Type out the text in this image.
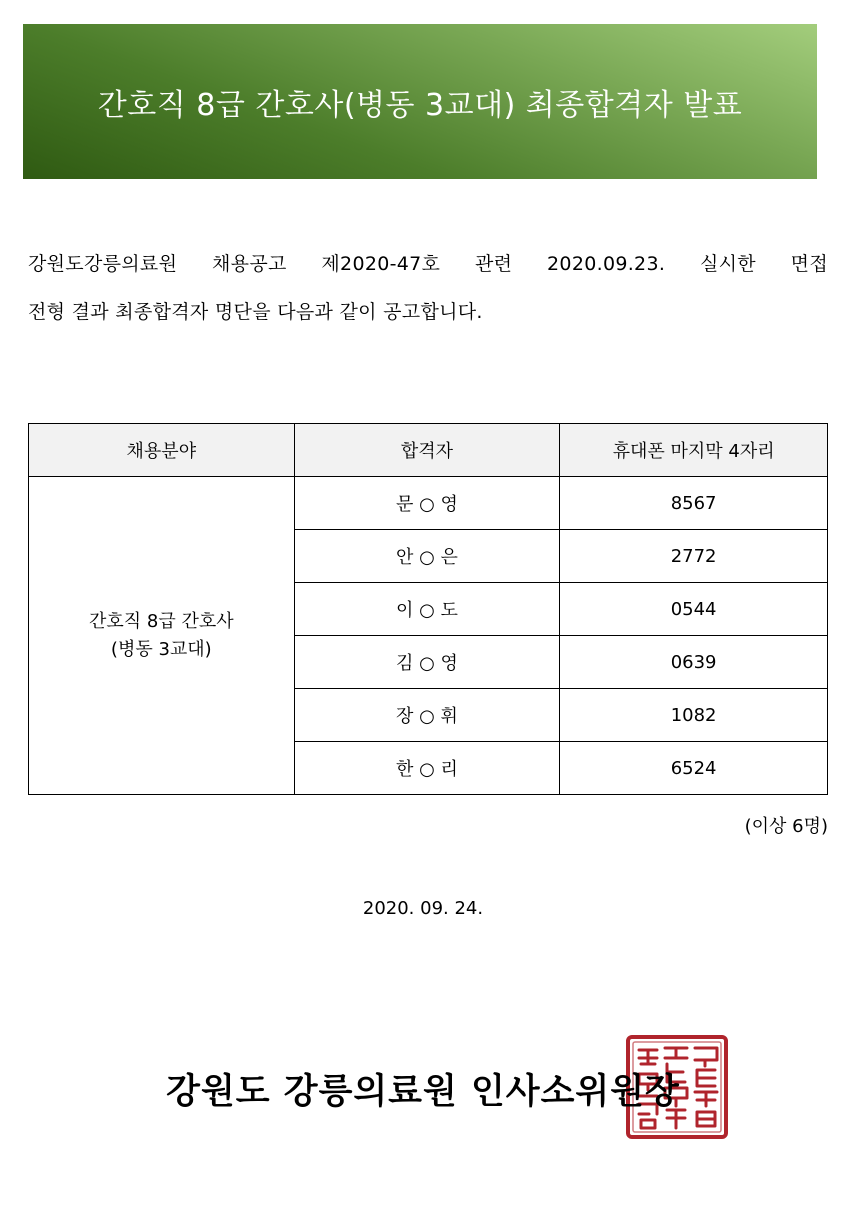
간호직 8급 간호사(병동 3교대) 최종합격자 발표
강원도강릉의료원 채용공고 제2020-47호 관련 2020.09.23. 실시한 면접
전형 결과 최종합격자 명단을 다음과 같이 공고합니다.
채용분야	합격자	휴대폰 마지막 4자리

간호직 8급 간호사
(병동 3교대)	문 ○ 영	8567
	안 ○ 은	2772
	이 ○ 도	0544
	김 ○ 영	0639
	장 ○ 휘	1082
	한 ○ 리	6524
(이상 6명)
2020. 09. 24.
강원도 강릉의료원 인사소위원장
